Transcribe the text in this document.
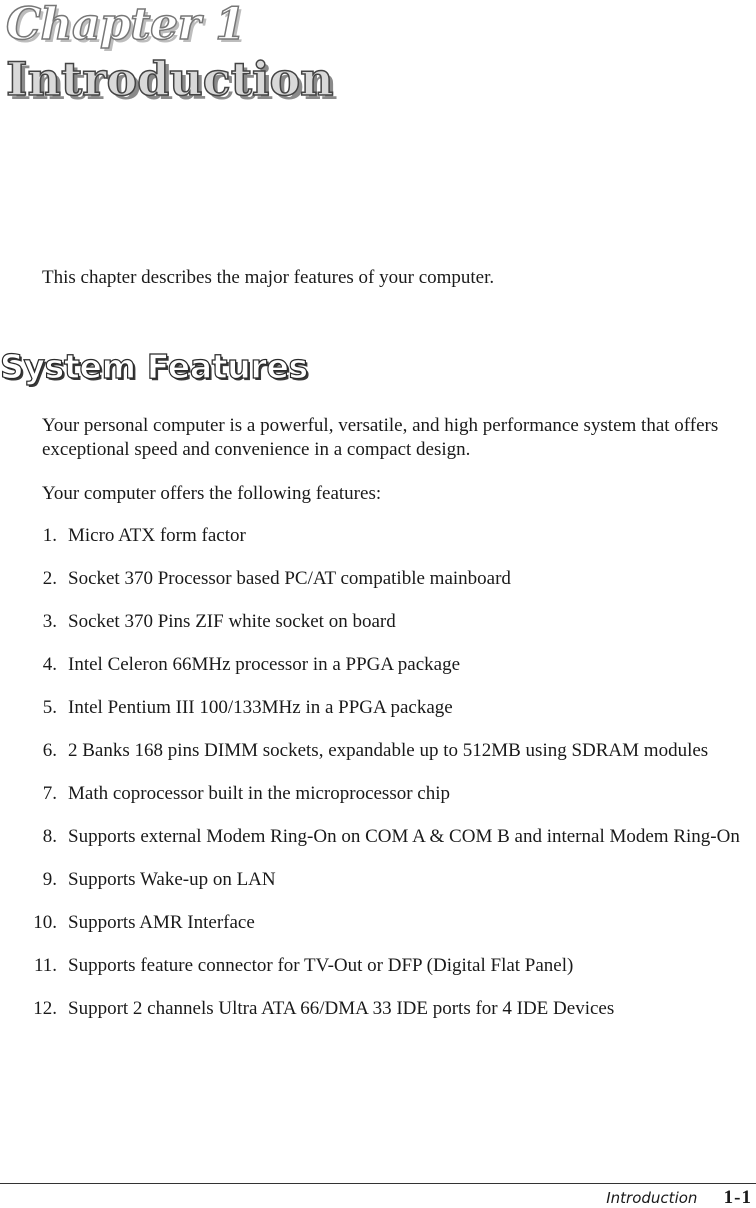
Chapter 1
Introduction
This chapter describes the major features of your computer.
System Features
Your personal computer is a powerful, versatile, and high performance system that offers exceptional speed and convenience in a compact design.
Your computer offers the following features:
1. Micro ATX form factor
2. Socket 370 Processor based PC/AT compatible mainboard
3. Socket 370 Pins ZIF white socket on board
4. Intel Celeron 66MHz processor in a PPGA package
5. Intel Pentium III 100/133MHz in a PPGA package
6. 2 Banks 168 pins DIMM sockets, expandable up to 512MB using SDRAM modules
7. Math coprocessor built in the microprocessor chip
8. Supports external Modem Ring-On on COM A & COM B and internal Modem Ring-On
9. Supports Wake-up on LAN
10. Supports AMR Interface
11. Supports feature connector for TV-Out or DFP (Digital Flat Panel)
12. Support 2 channels Ultra ATA 66/DMA 33 IDE ports for 4 IDE Devices
Introduction 1-1
